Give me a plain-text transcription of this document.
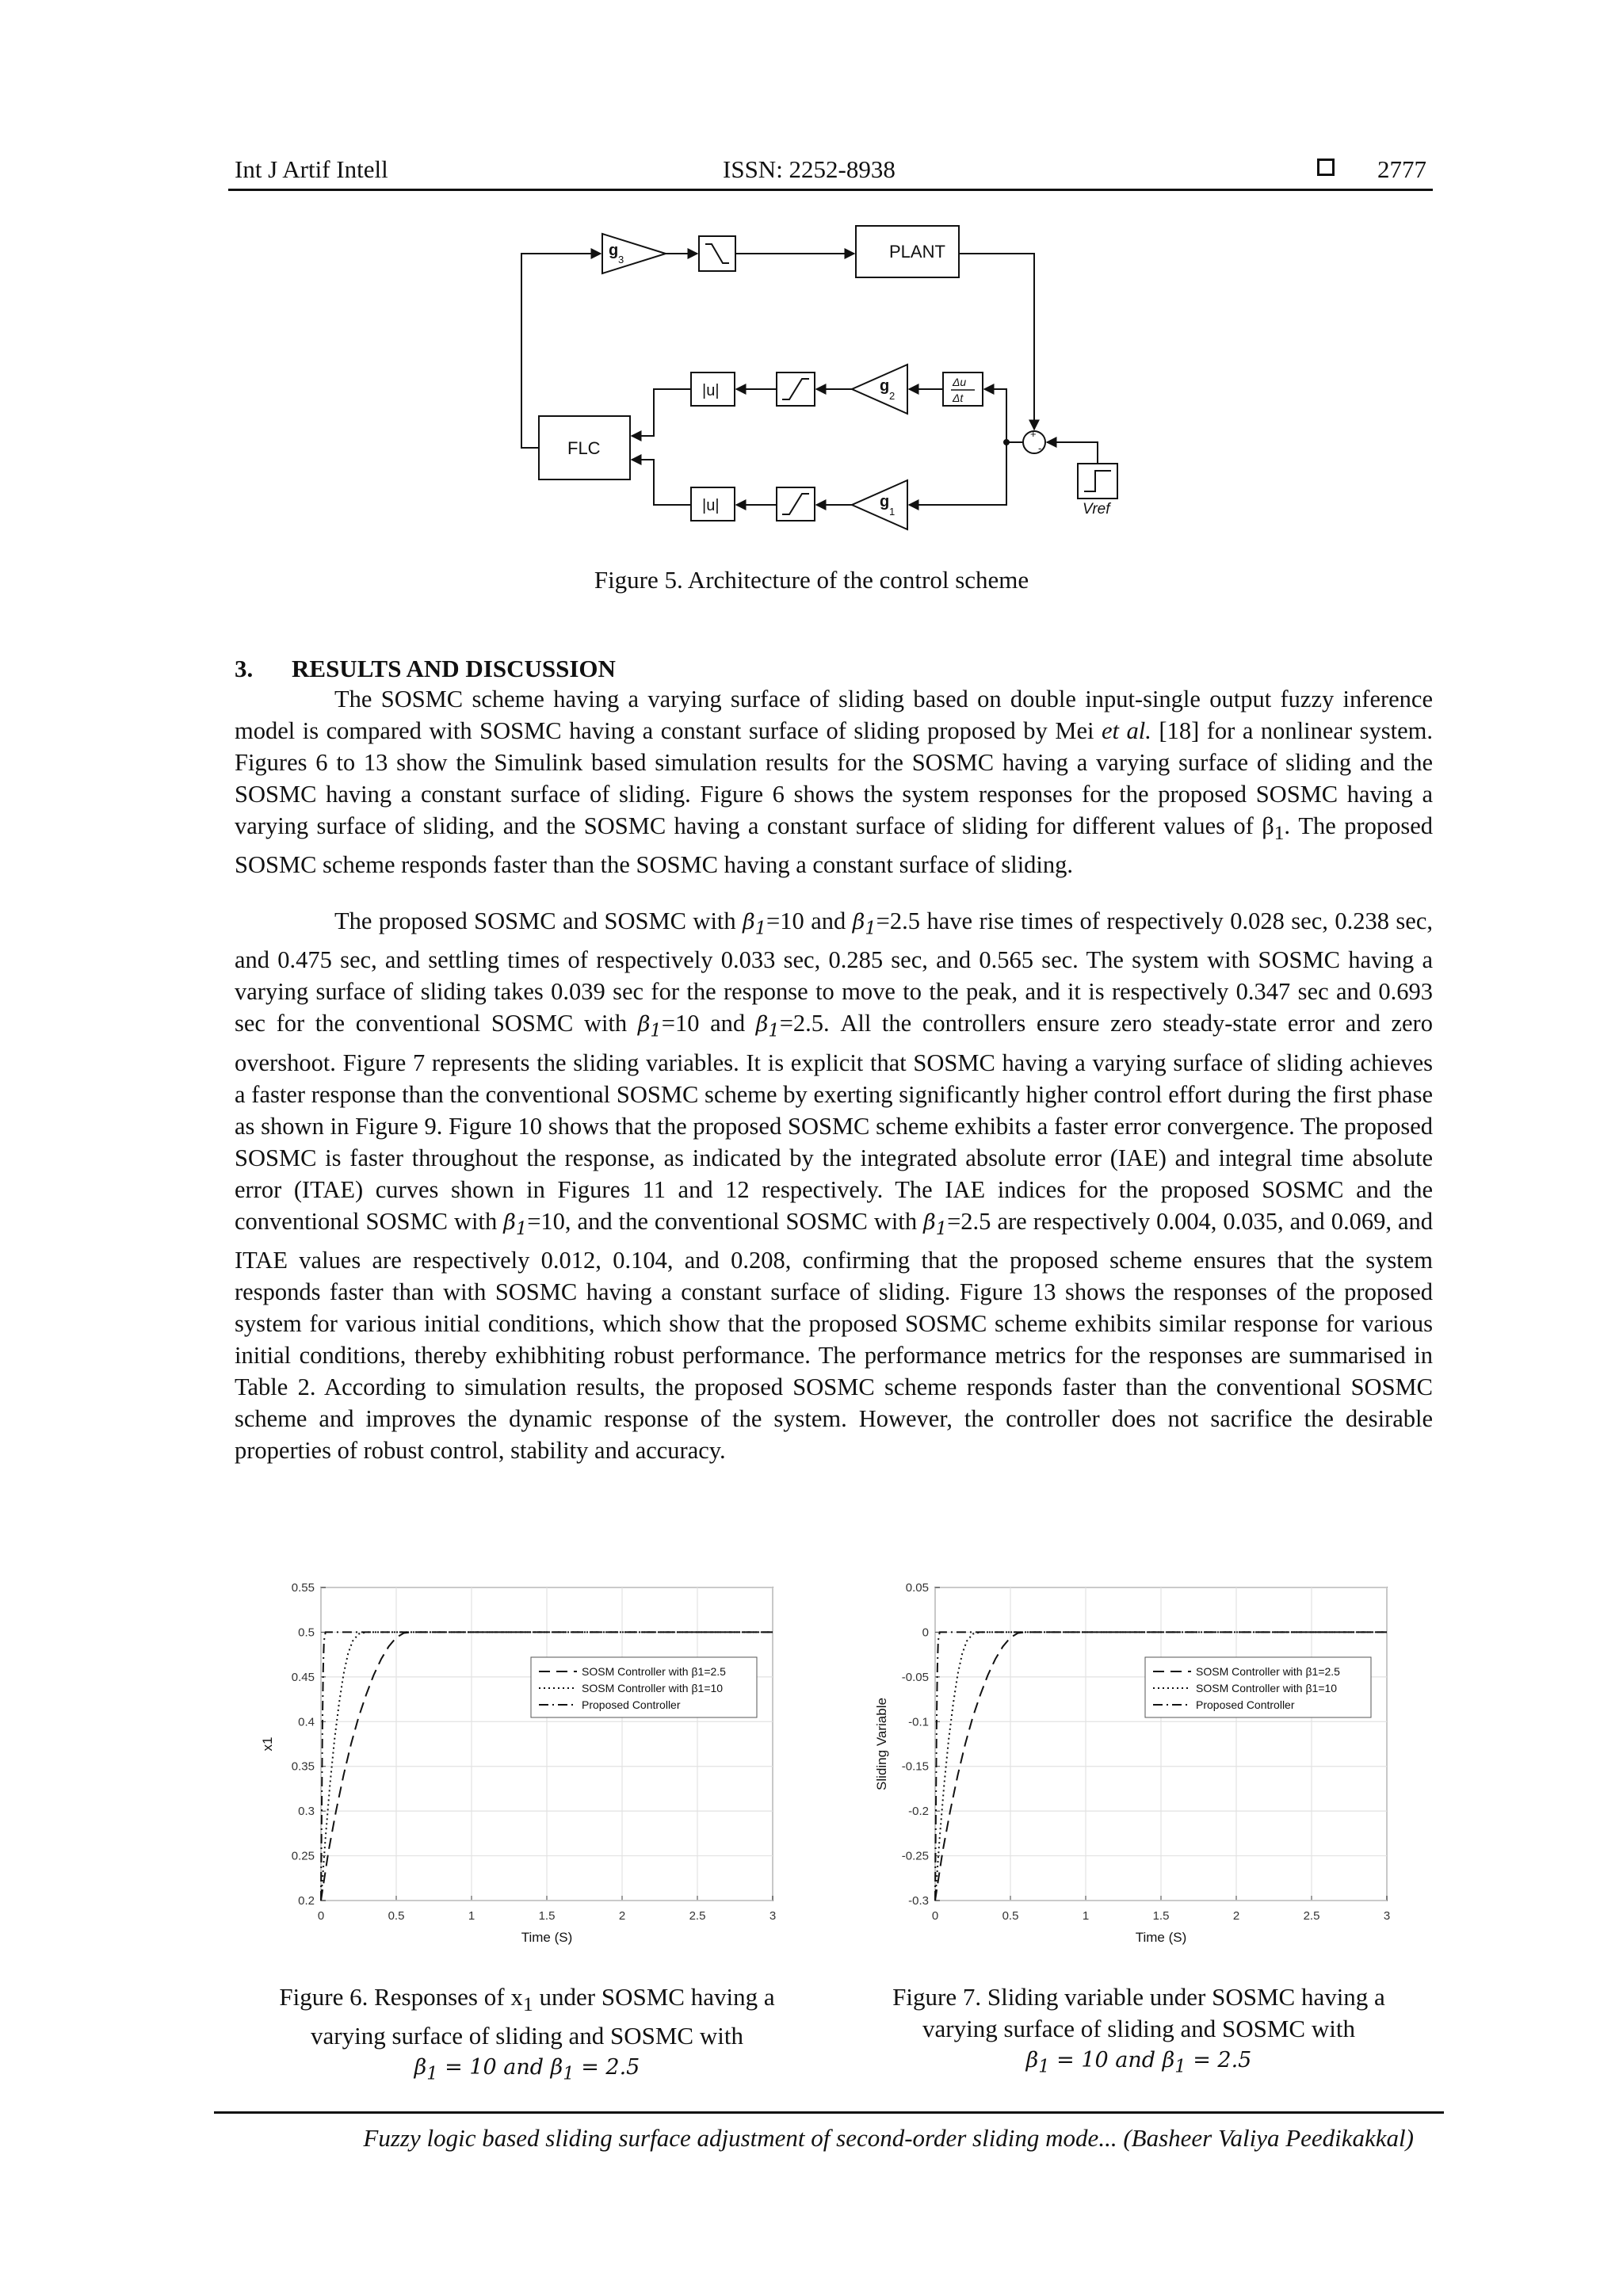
Int J Artif Intell	ISSN: 2252-8938	2777
PLANT
FLC
|u|
|u|
g
3
g
2
g
1
Δu
Δt
Vref
+
-
Figure 5. Architecture of the control scheme
3. RESULTS AND DISCUSSION

The SOSMC scheme having a varying surface of sliding based on double input-single output fuzzy inference model is compared with SOSMC having a constant surface of sliding proposed by Mei et al. [18] for a nonlinear system. Figures 6 to 13 show the Simulink based simulation results for the SOSMC having a varying surface of sliding and the SOSMC having a constant surface of sliding. Figure 6 shows the system responses for the proposed SOSMC having a varying surface of sliding, and the SOSMC having a constant surface of sliding for different values of $\beta_1$. The proposed SOSMC scheme responds faster than the SOSMC having a constant surface of sliding.

The proposed SOSMC and SOSMC with $\beta_1=10$ and $\beta_1=2.5$ have rise times of respectively 0.028 sec, 0.238 sec, and 0.475 sec, and settling times of respectively 0.033 sec, 0.285 sec, and 0.565 sec. The system with SOSMC having a varying surface of sliding takes 0.039 sec for the response to move to the peak, and it is respectively 0.347 sec and 0.693 sec for the conventional SOSMC with $\beta_1=10$ and $\beta_1=2.5$. All the controllers ensure zero steady-state error and zero overshoot. Figure 7 represents the sliding variables. It is explicit that SOSMC having a varying surface of sliding achieves a faster response than the conventional SOSMC scheme by exerting significantly higher control effort during the first phase as shown in Figure 9. Figure 10 shows that the proposed SOSMC scheme exhibits a faster error convergence. The proposed SOSMC is faster throughout the response, as indicated by the integrated absolute error (IAE) and integral time absolute error (ITAE) curves shown in Figures 11 and 12 respectively. The IAE indices for the proposed SOSMC and the conventional SOSMC with $\beta_1=10$, and the conventional SOSMC with $\beta_1=2.5$ are respectively 0.004, 0.035, and 0.069, and ITAE values are respectively 0.012, 0.104, and 0.208, confirming that the proposed scheme ensures that the system responds faster than with SOSMC having a constant surface of sliding. Figure 13 shows the responses of the proposed system for various initial conditions, which show that the proposed SOSMC scheme exhibits similar response for various initial conditions, thereby exhibhiting robust performance. The performance metrics for the responses are summarised in Table 2. According to simulation results, the proposed SOSMC scheme responds faster than the conventional SOSMC scheme and improves the dynamic response of the system. However, the controller does not sacrifice the desirable properties of robust control, stability and accuracy.

0	0.5	1	1.5	2	2.5	3
0.2
0.25
0.3
0.35
0.4
0.45
0.5
0.55
Time (S)
x1
SOSM Controller with β1=2.5
SOSM Controller with β1=10
Proposed Controller
0	0.5	1	1.5	2	2.5	3
-0.3
-0.25
-0.2
-0.15
-0.1
-0.05
0
0.05
Time (S)
Sliding Variable
SOSM Controller with β1=2.5
SOSM Controller with β1=10
Proposed Controller
Figure 6. Responses of $x_1$ under SOSMC having a
varying surface of sliding and SOSMC with
$\beta_1 = 10$ and $\beta_1 = 2.5$
Figure 7. Sliding variable under SOSMC having a
varying surface of sliding and SOSMC with
$\beta_1 = 10$ and $\beta_1 = 2.5$
Fuzzy logic based sliding surface adjustment of second-order sliding mode... (Basheer Valiya Peedikakkal)
